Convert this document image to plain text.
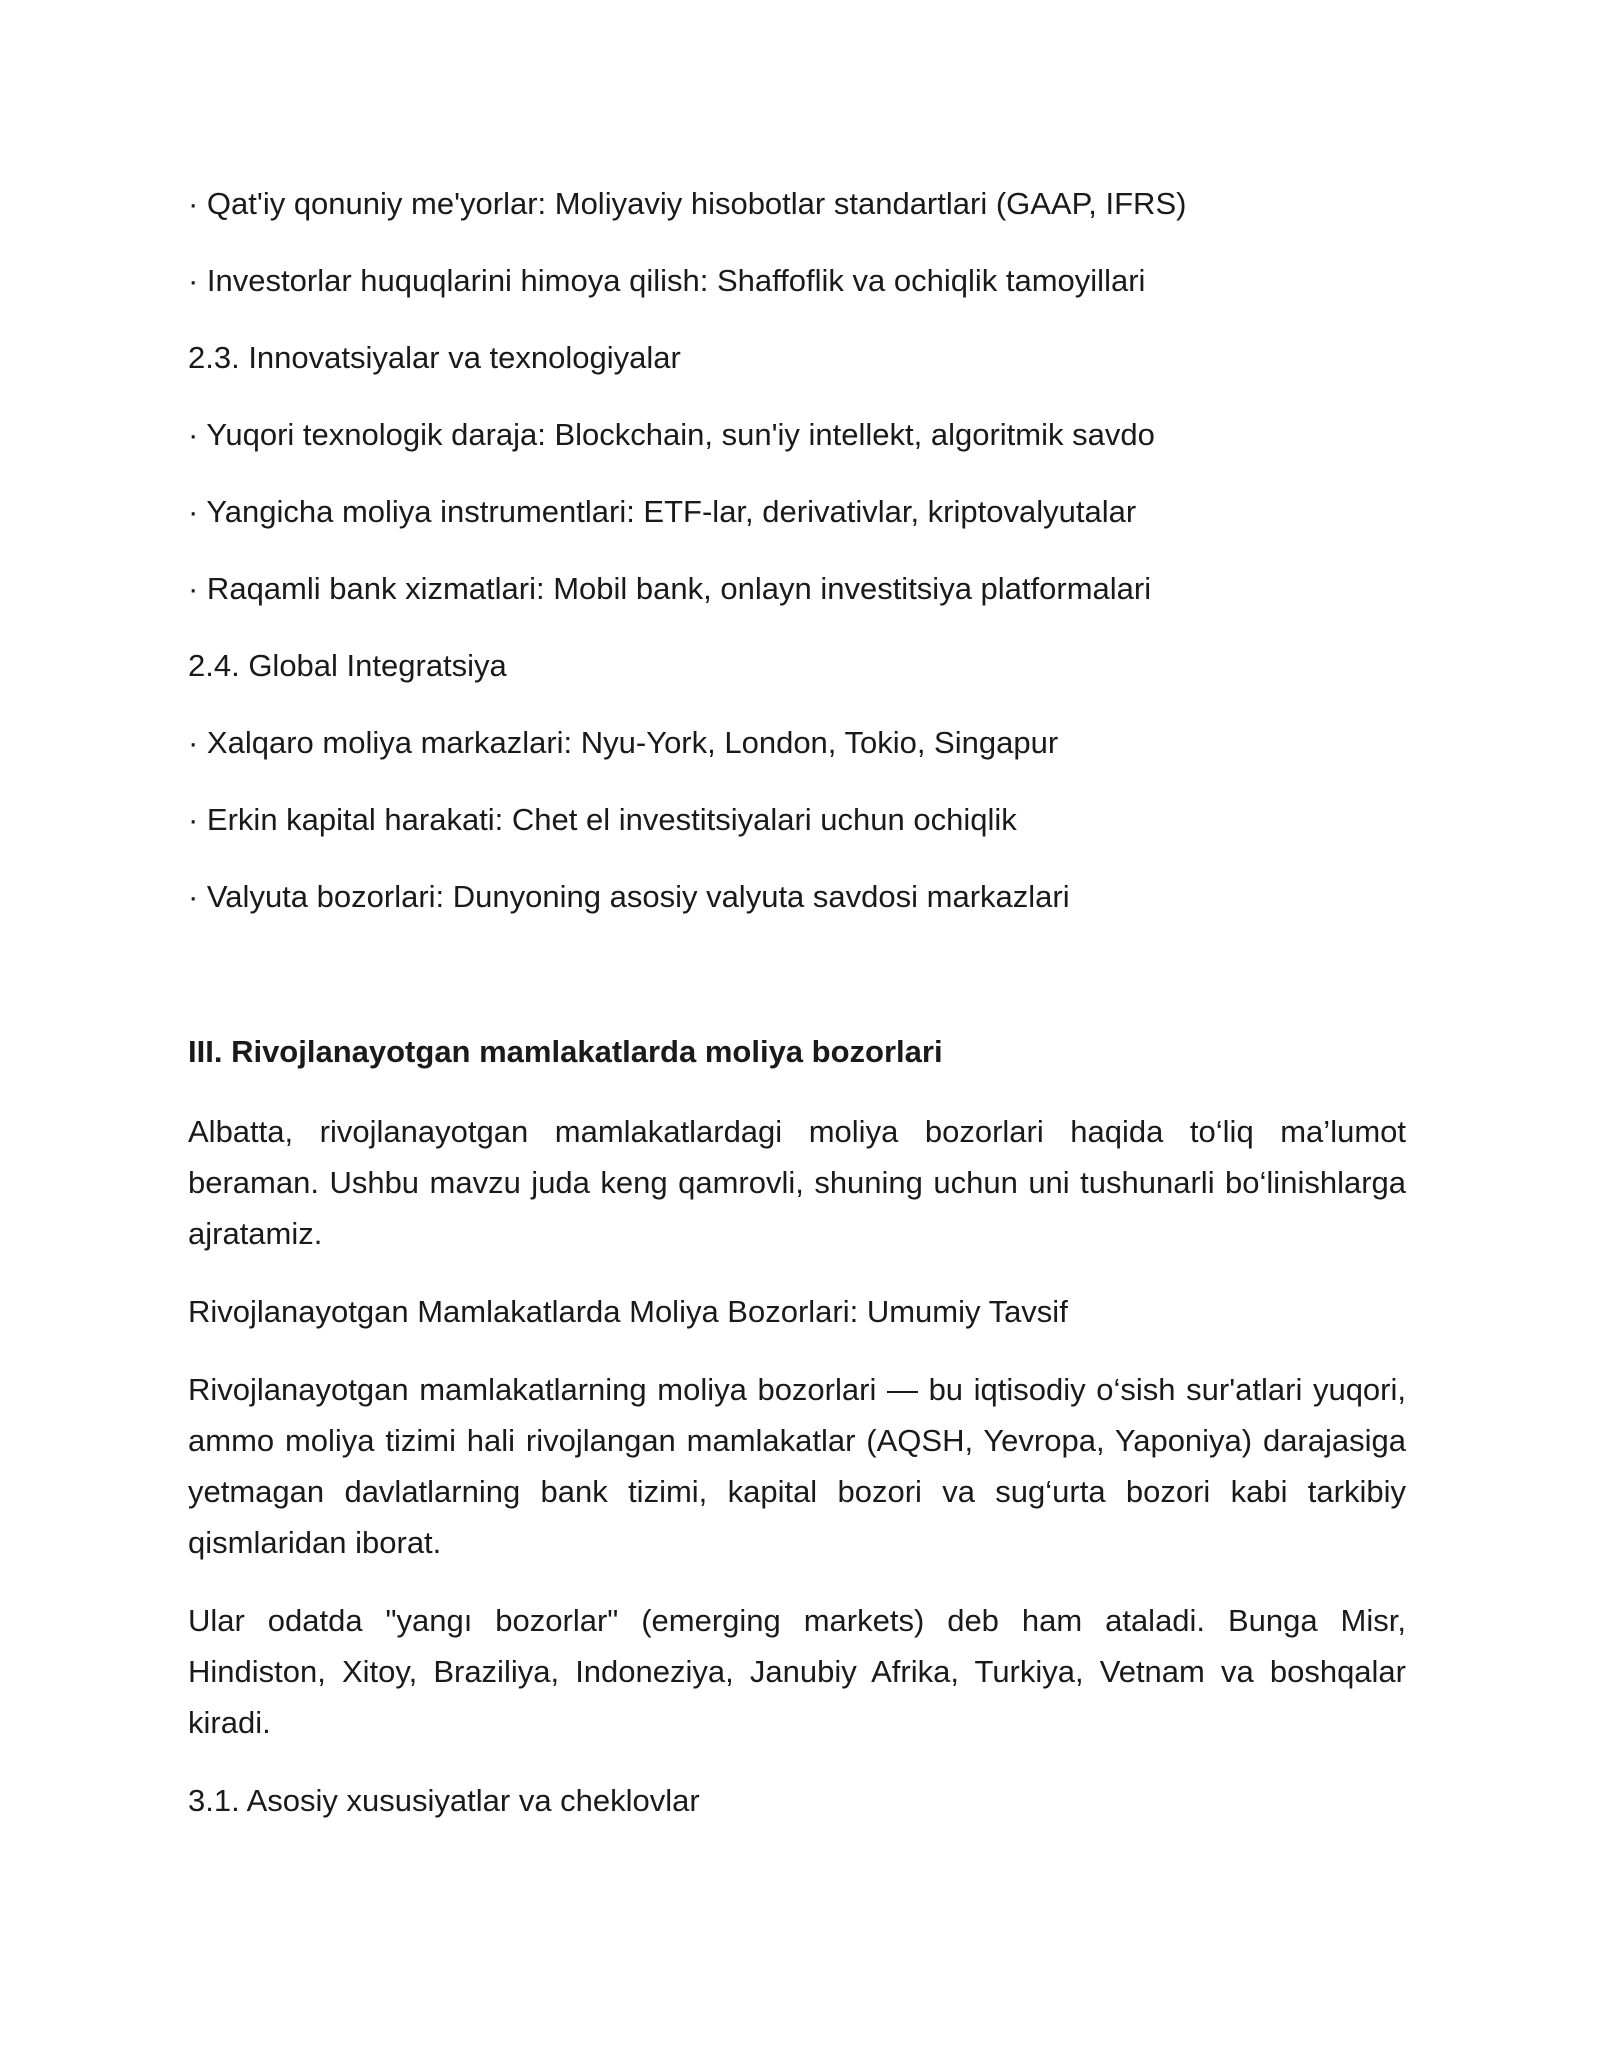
· Qat'iy qonuniy me'yorlar: Moliyaviy hisobotlar standartlari (GAAP, IFRS)

· Investorlar huquqlarini himoya qilish: Shaffoflik va ochiqlik tamoyillari

2.3. Innovatsiyalar va texnologiyalar

· Yuqori texnologik daraja: Blockchain, sun'iy intellekt, algoritmik savdo

· Yangicha moliya instrumentlari: ETF-lar, derivativlar, kriptovalyutalar

· Raqamli bank xizmatlari: Mobil bank, onlayn investitsiya platformalari

2.4. Global Integratsiya

· Xalqaro moliya markazlari: Nyu-York, London, Tokio, Singapur

· Erkin kapital harakati: Chet el investitsiyalari uchun ochiqlik

· Valyuta bozorlari: Dunyoning asosiy valyuta savdosi markazlari

III. Rivojlanayotgan mamlakatlarda moliya bozorlari

Albatta, rivojlanayotgan mamlakatlardagi moliya bozorlari haqida to‘liq ma’lumot beraman. Ushbu mavzu juda keng qamrovli, shuning uchun uni tushunarli bo‘linishlarga ajratamiz.

Rivojlanayotgan Mamlakatlarda Moliya Bozorlari: Umumiy Tavsif

Rivojlanayotgan mamlakatlarning moliya bozorlari — bu iqtisodiy o‘sish sur'atlari yuqori, ammo moliya tizimi hali rivojlangan mamlakatlar (AQSH, Yevropa, Yaponiya) darajasiga yetmagan davlatlarning bank tizimi, kapital bozori va sug‘urta bozori kabi tarkibiy qismlaridan iborat.

Ular odatda "yangı bozorlar" (emerging markets) deb ham ataladi. Bunga Misr, Hindiston, Xitoy, Braziliya, Indoneziya, Janubiy Afrika, Turkiya, Vetnam va boshqalar kiradi.

3.1. Asosiy xususiyatlar va cheklovlar
